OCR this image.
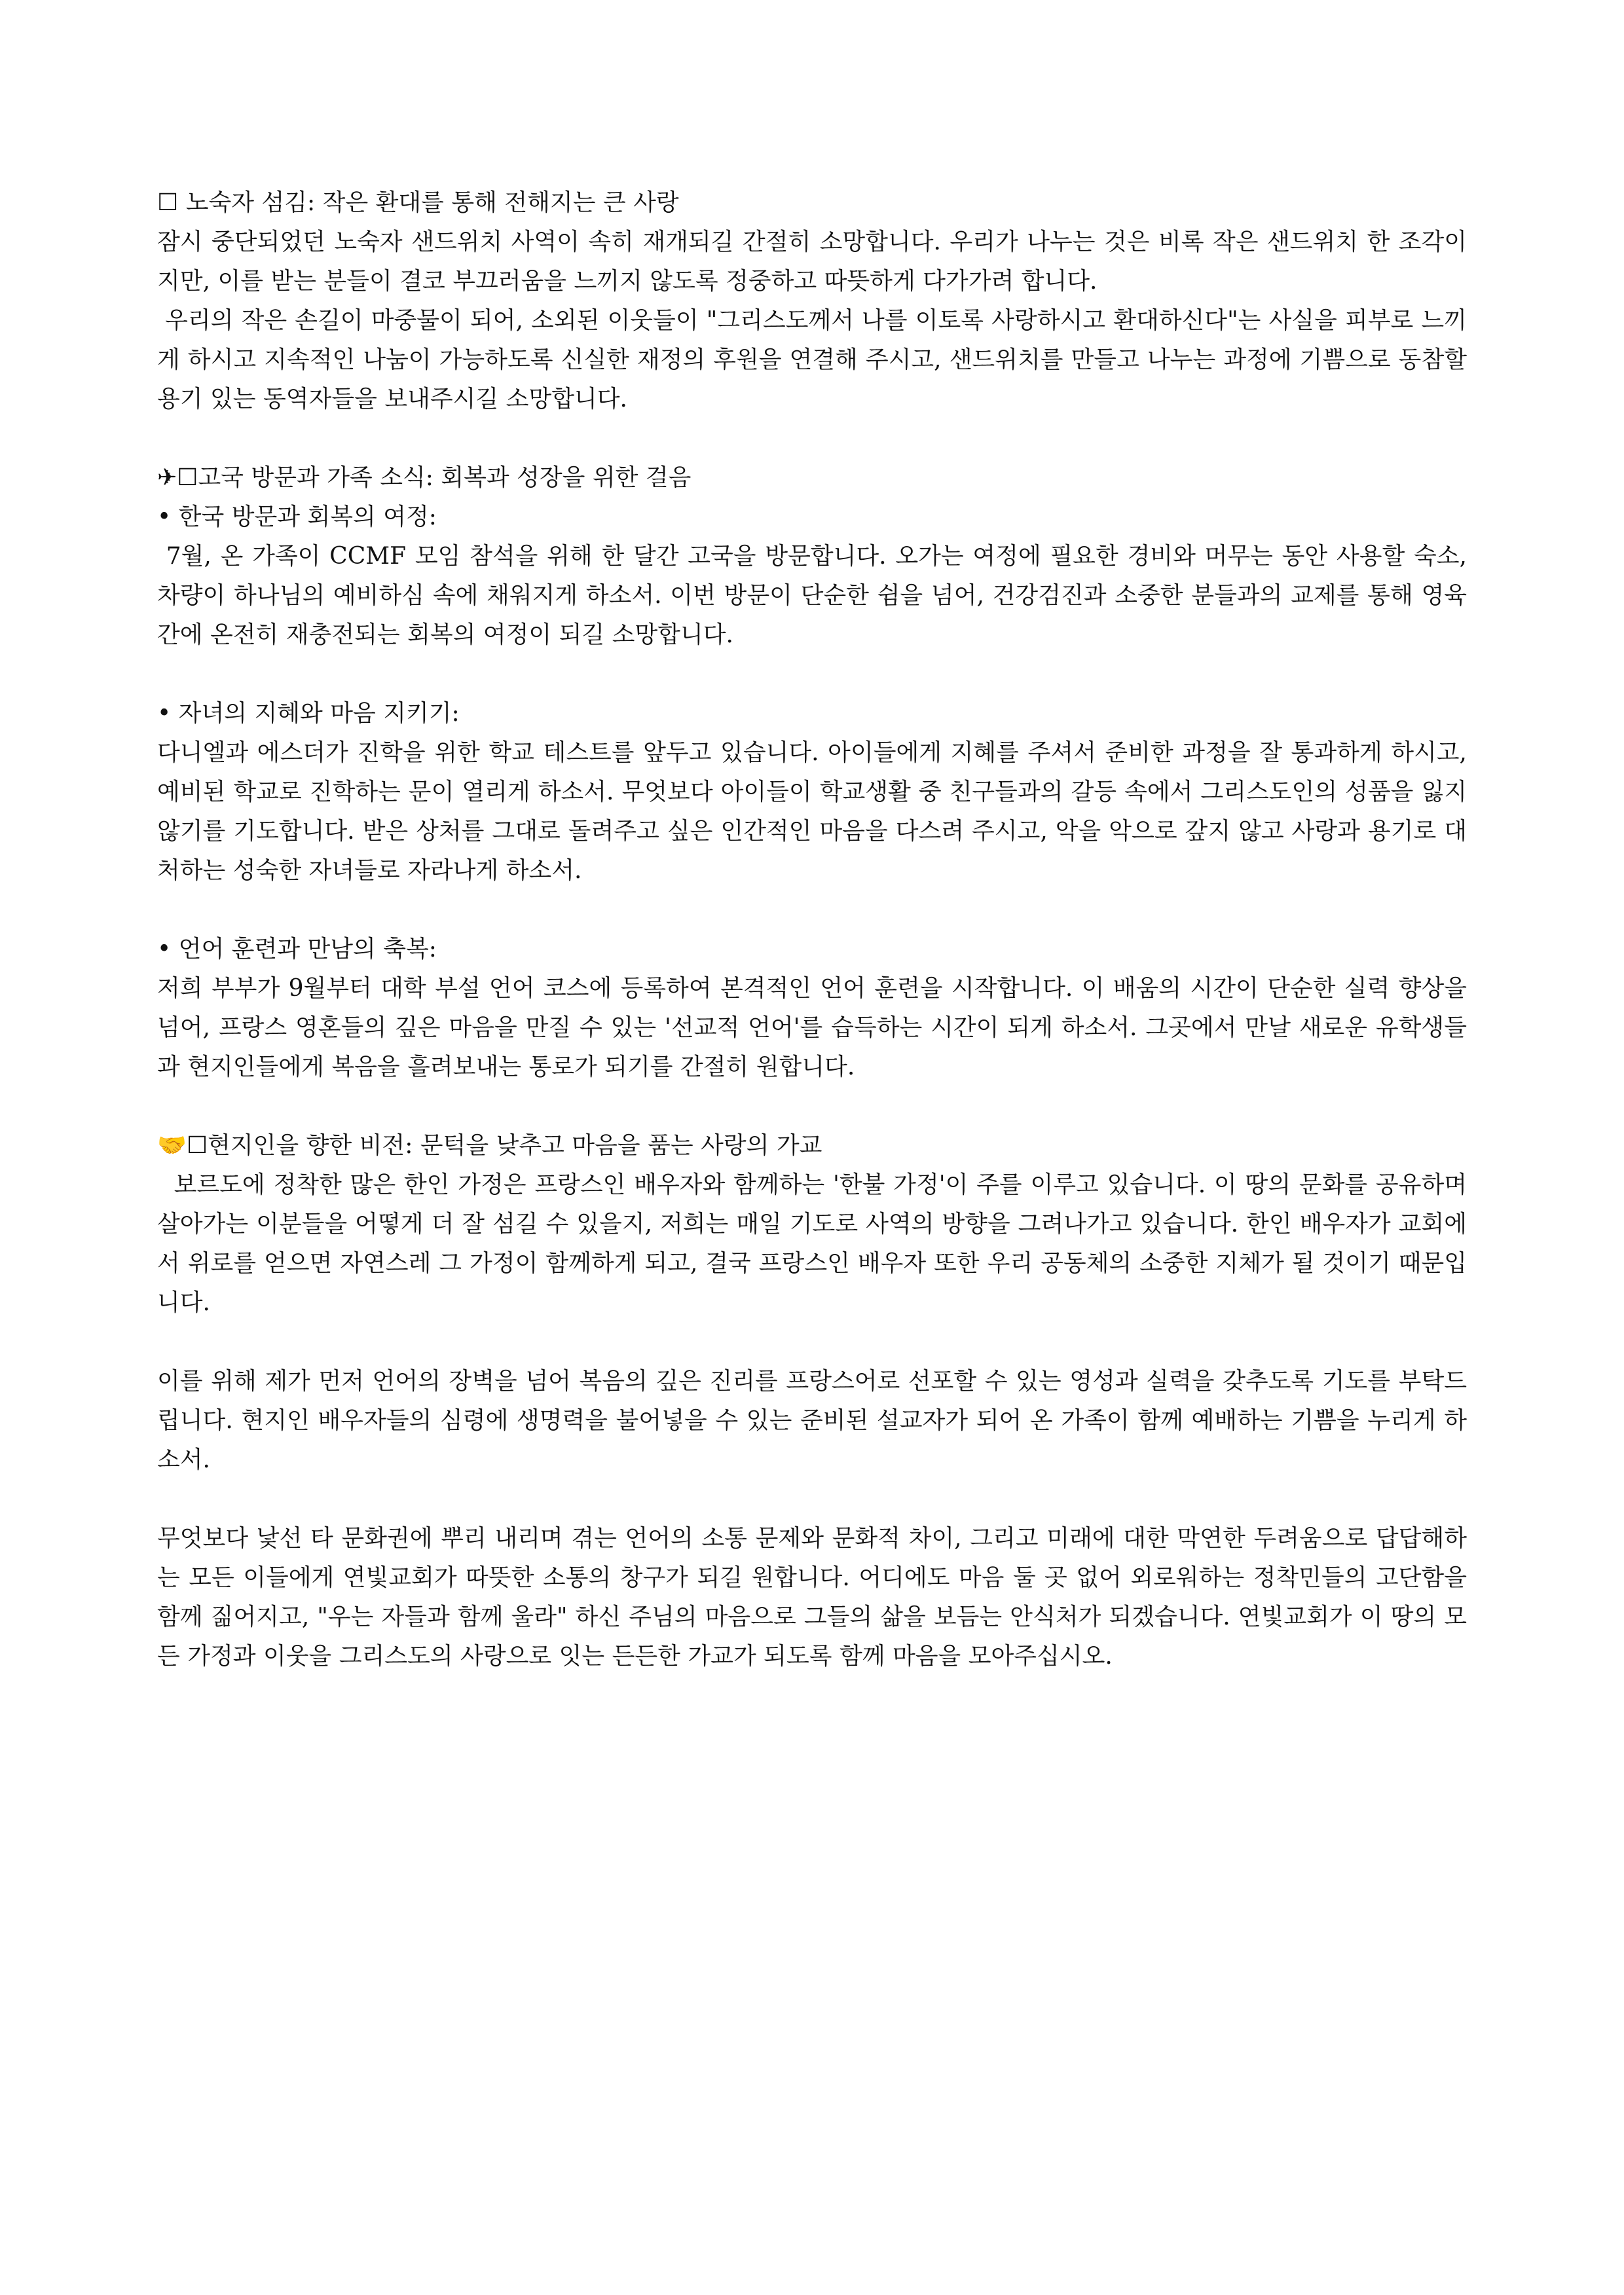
☐ 노숙자 섬김: 작은 환대를 통해 전해지는 큰 사랑

잠시 중단되었던 노숙자 샌드위치 사역이 속히 재개되길 간절히 소망합니다. 우리가 나누는 것은 비록 작은 샌드위치 한 조각이지만, 이를 받는 분들이 결코 부끄러움을 느끼지 않도록 정중하고 따뜻하게 다가가려 합니다.

우리의 작은 손길이 마중물이 되어, 소외된 이웃들이 "그리스도께서 나를 이토록 사랑하시고 환대하신다"는 사실을 피부로 느끼게 하시고 지속적인 나눔이 가능하도록 신실한 재정의 후원을 연결해 주시고, 샌드위치를 만들고 나누는 과정에 기쁨으로 동참할 용기 있는 동역자들을 보내주시길 소망합니다.

✈☐고국 방문과 가족 소식: 회복과 성장을 위한 걸음

• 한국 방문과 회복의 여정:

7월, 온 가족이 CCMF 모임 참석을 위해 한 달간 고국을 방문합니다. 오가는 여정에 필요한 경비와 머무는 동안 사용할 숙소, 차량이 하나님의 예비하심 속에 채워지게 하소서. 이번 방문이 단순한 쉼을 넘어, 건강검진과 소중한 분들과의 교제를 통해 영육 간에 온전히 재충전되는 회복의 여정이 되길 소망합니다.

• 자녀의 지혜와 마음 지키기:

다니엘과 에스더가 진학을 위한 학교 테스트를 앞두고 있습니다. 아이들에게 지혜를 주셔서 준비한 과정을 잘 통과하게 하시고, 예비된 학교로 진학하는 문이 열리게 하소서. 무엇보다 아이들이 학교생활 중 친구들과의 갈등 속에서 그리스도인의 성품을 잃지 않기를 기도합니다. 받은 상처를 그대로 돌려주고 싶은 인간적인 마음을 다스려 주시고, 악을 악으로 갚지 않고 사랑과 용기로 대처하는 성숙한 자녀들로 자라나게 하소서.

• 언어 훈련과 만남의 축복:

저희 부부가 9월부터 대학 부설 언어 코스에 등록하여 본격적인 언어 훈련을 시작합니다. 이 배움의 시간이 단순한 실력 향상을 넘어, 프랑스 영혼들의 깊은 마음을 만질 수 있는 '선교적 언어'를 습득하는 시간이 되게 하소서. 그곳에서 만날 새로운 유학생들과 현지인들에게 복음을 흘려보내는 통로가 되기를 간절히 원합니다.

🤝☐현지인을 향한 비전: 문턱을 낮추고 마음을 품는 사랑의 가교

보르도에 정착한 많은 한인 가정은 프랑스인 배우자와 함께하는 '한불 가정'이 주를 이루고 있습니다. 이 땅의 문화를 공유하며 살아가는 이분들을 어떻게 더 잘 섬길 수 있을지, 저희는 매일 기도로 사역의 방향을 그려나가고 있습니다. 한인 배우자가 교회에서 위로를 얻으면 자연스레 그 가정이 함께하게 되고, 결국 프랑스인 배우자 또한 우리 공동체의 소중한 지체가 될 것이기 때문입니다.

이를 위해 제가 먼저 언어의 장벽을 넘어 복음의 깊은 진리를 프랑스어로 선포할 수 있는 영성과 실력을 갖추도록 기도를 부탁드립니다. 현지인 배우자들의 심령에 생명력을 불어넣을 수 있는 준비된 설교자가 되어 온 가족이 함께 예배하는 기쁨을 누리게 하소서.

무엇보다 낯선 타 문화권에 뿌리 내리며 겪는 언어의 소통 문제와 문화적 차이, 그리고 미래에 대한 막연한 두려움으로 답답해하는 모든 이들에게 연빛교회가 따뜻한 소통의 창구가 되길 원합니다. 어디에도 마음 둘 곳 없어 외로워하는 정착민들의 고단함을 함께 짊어지고, "우는 자들과 함께 울라" 하신 주님의 마음으로 그들의 삶을 보듬는 안식처가 되겠습니다. 연빛교회가 이 땅의 모든 가정과 이웃을 그리스도의 사랑으로 잇는 든든한 가교가 되도록 함께 마음을 모아주십시오.
